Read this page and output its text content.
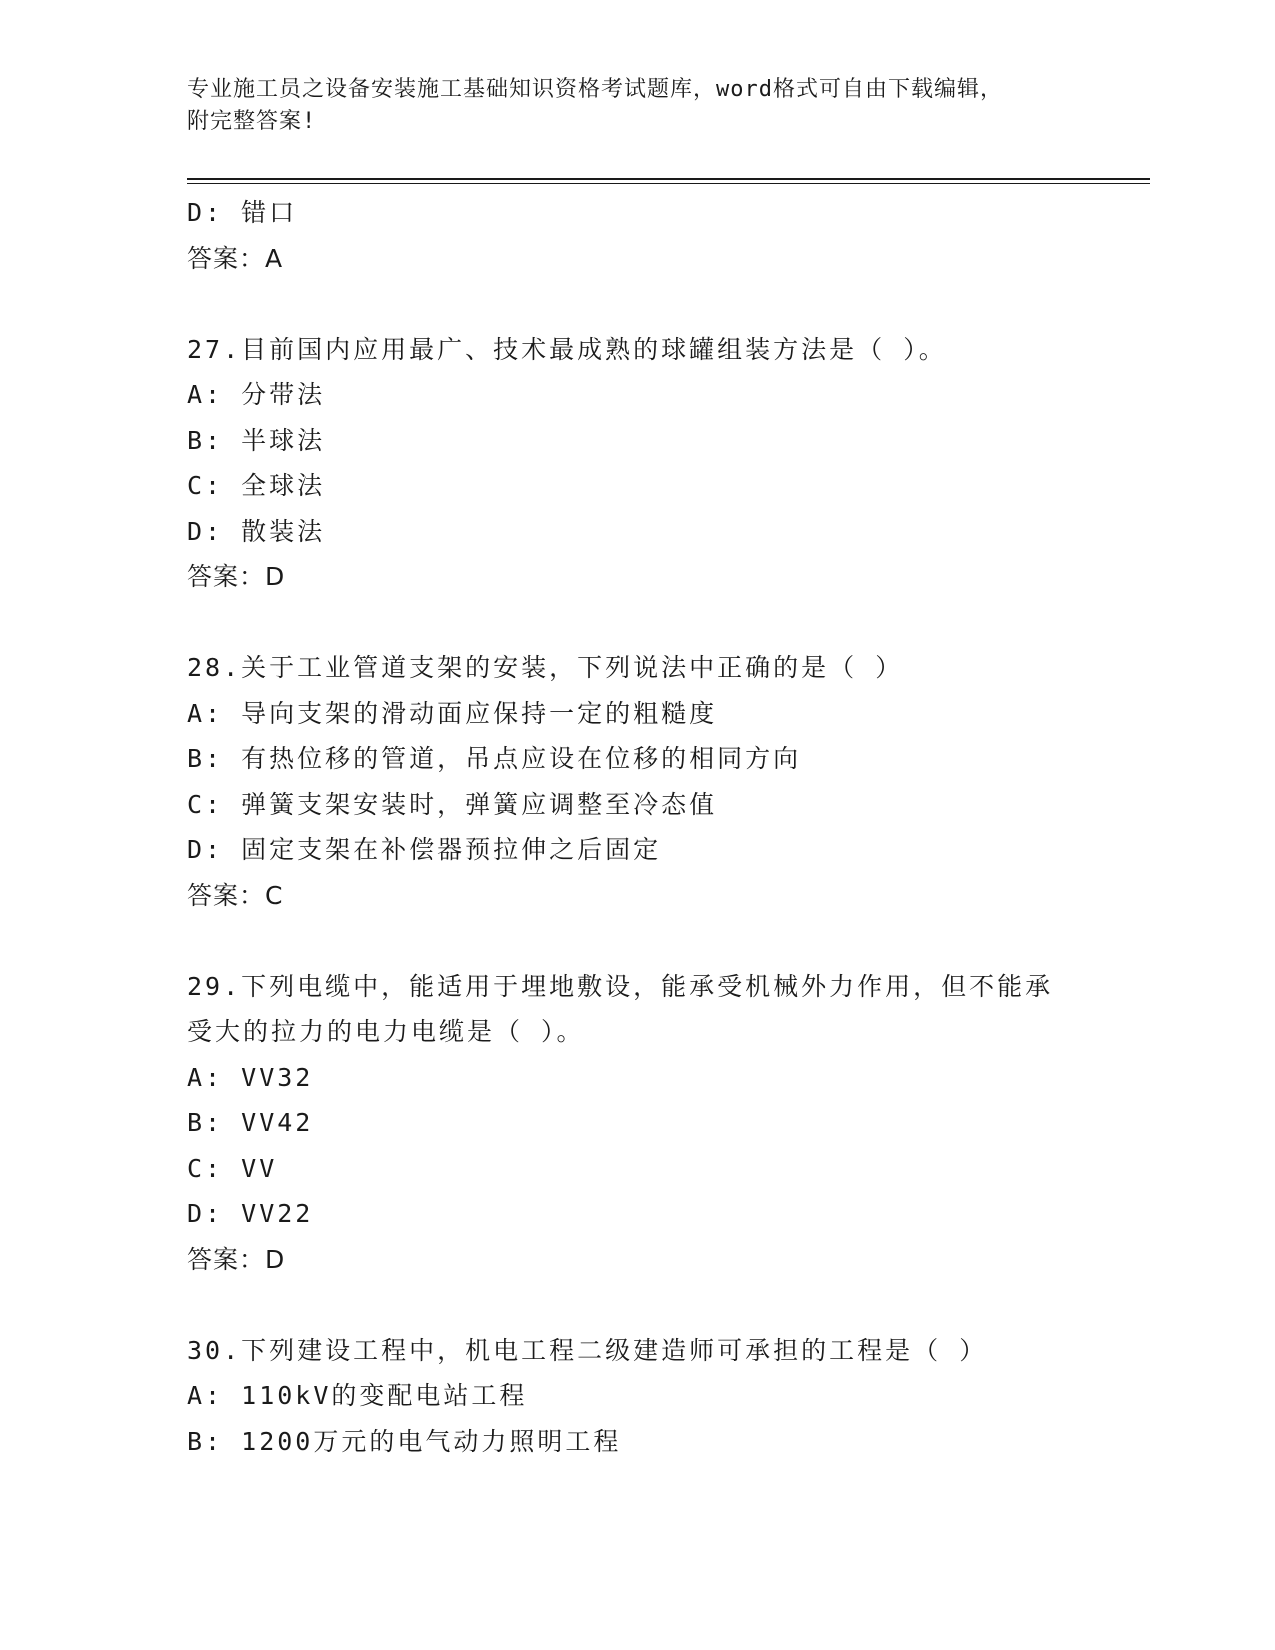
专业施工员之设备安装施工基础知识资格考试题库，word格式可自由下载编辑，
附完整答案!
D: 错口
答案：A
27.目前国内应用最广、技术最成熟的球罐组装方法是（ ）。
A: 分带法
B: 半球法
C: 全球法
D: 散装法
答案：D
28.关于工业管道支架的安装，下列说法中正确的是（ ）
A: 导向支架的滑动面应保持一定的粗糙度
B: 有热位移的管道，吊点应设在位移的相同方向
C: 弹簧支架安装时，弹簧应调整至冷态值
D: 固定支架在补偿器预拉伸之后固定
答案：C
29.下列电缆中，能适用于埋地敷设，能承受机械外力作用，但不能承
受大的拉力的电力电缆是（ ）。
A: VV32
B: VV42
C: VV
D: VV22
答案：D
30.下列建设工程中，机电工程二级建造师可承担的工程是（ ）
A: 110kV的变配电站工程
B: 1200万元的电气动力照明工程
